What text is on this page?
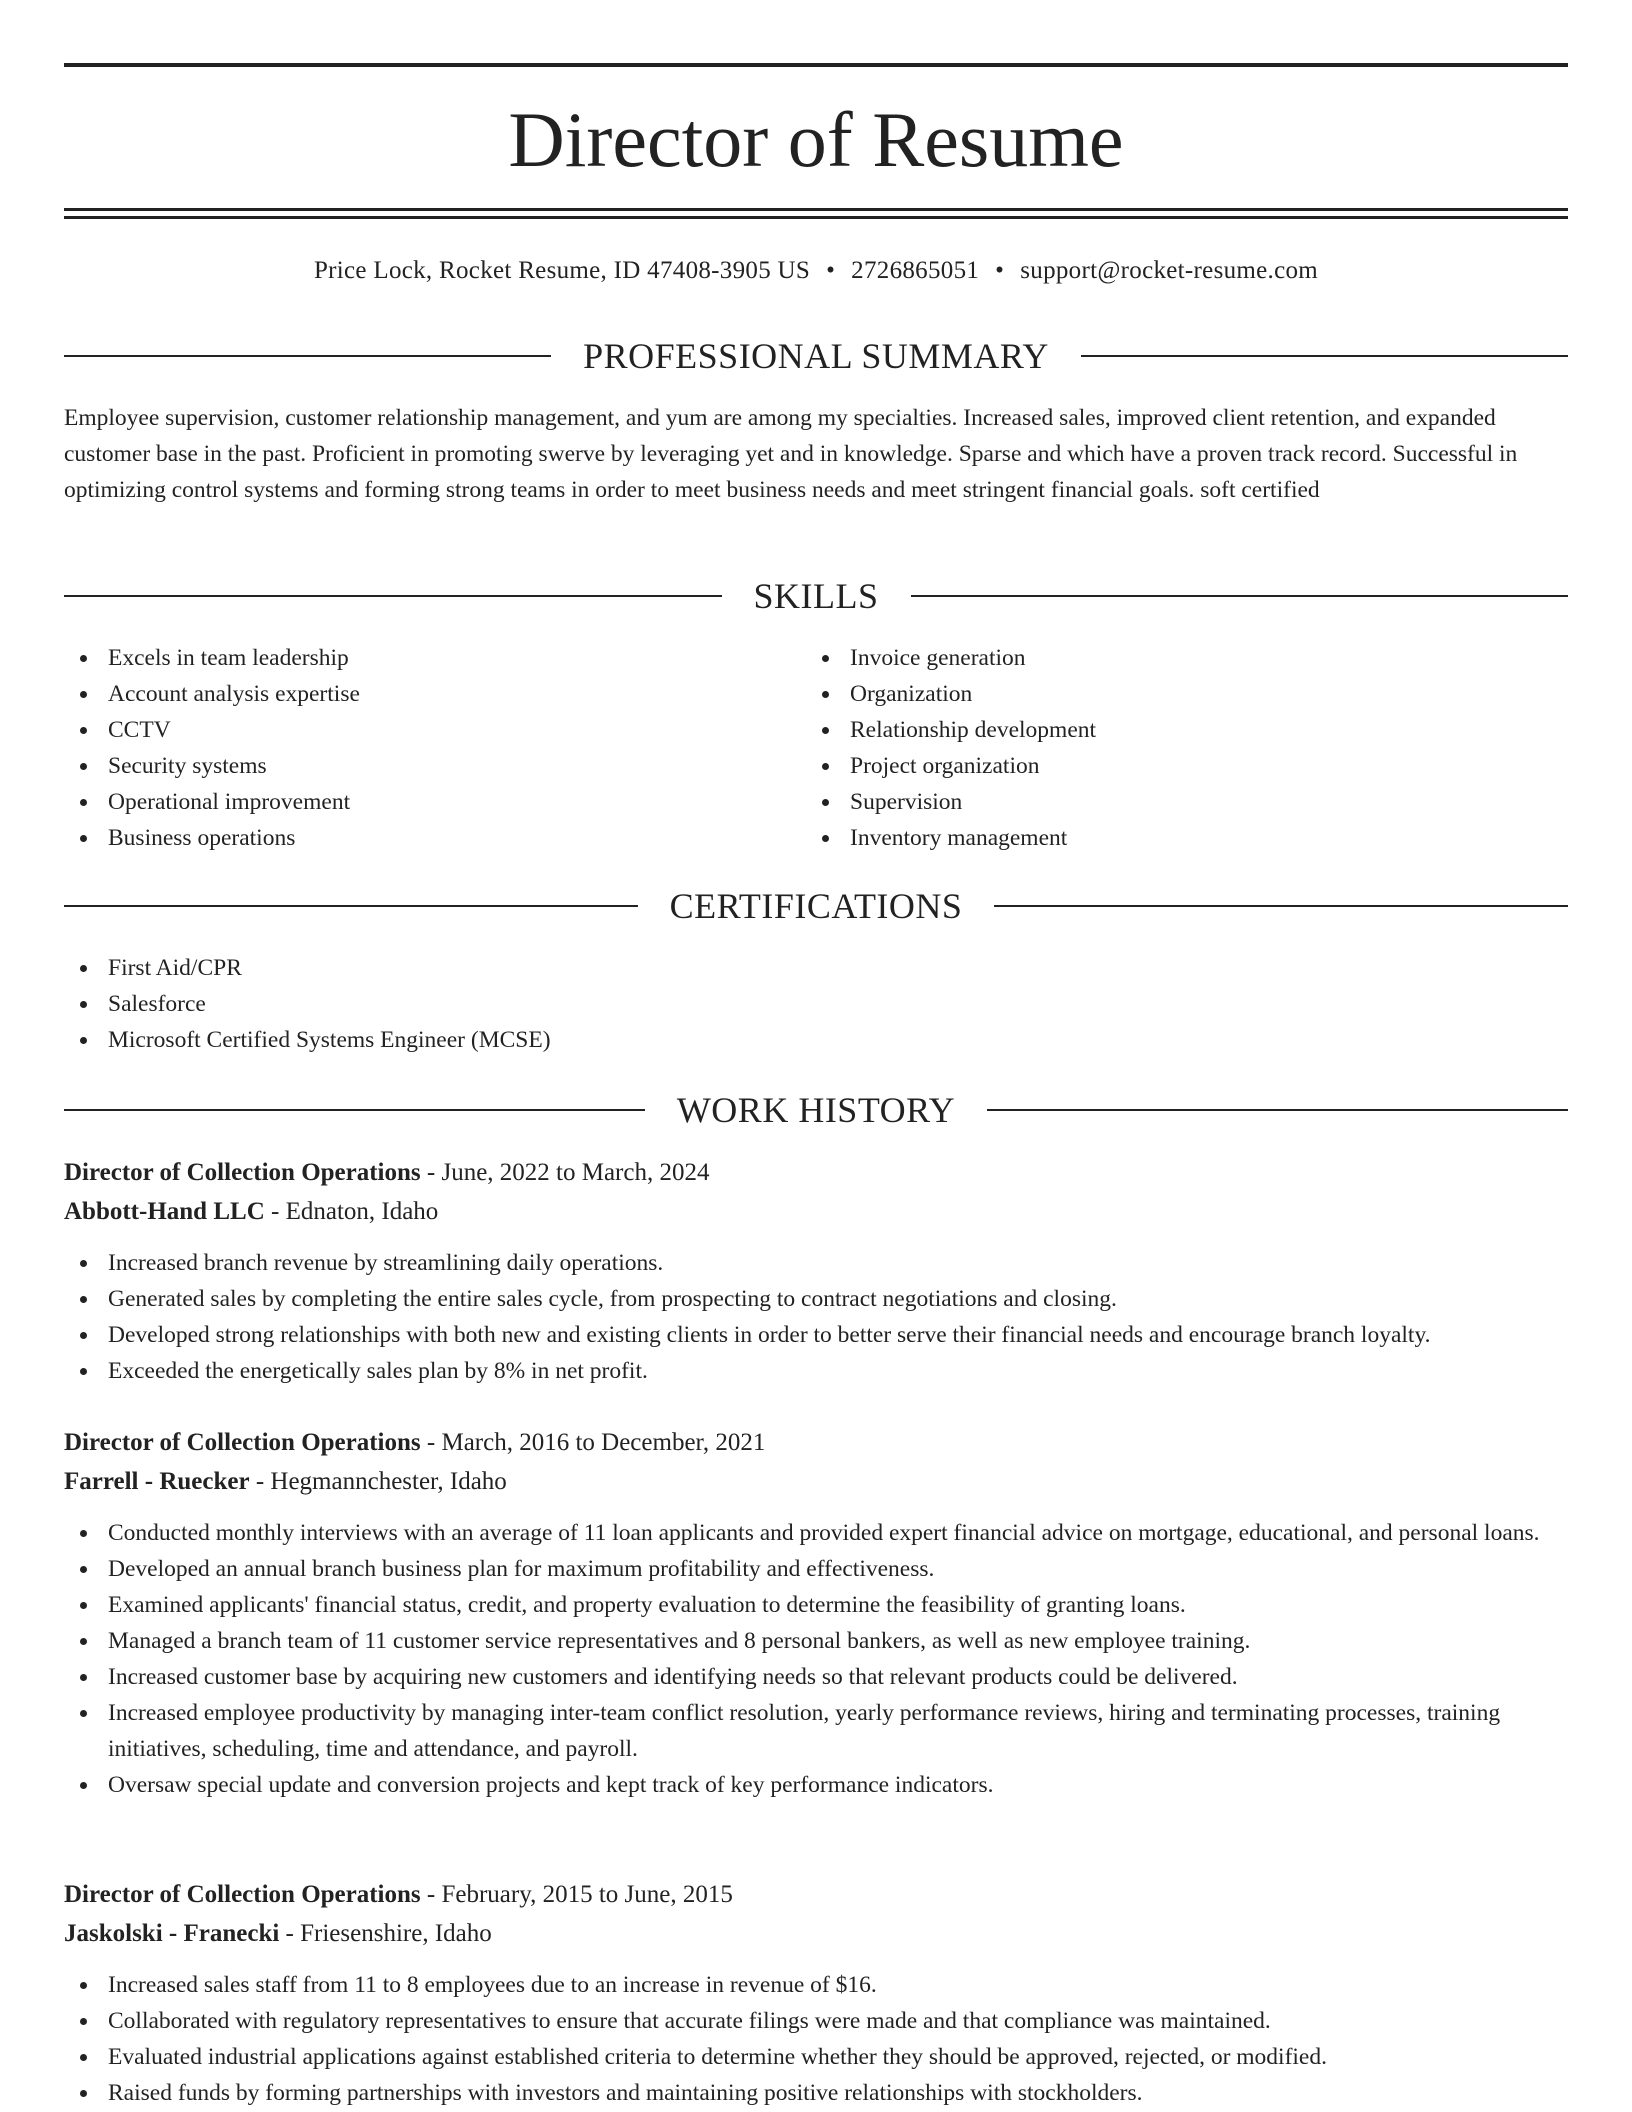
Director of Resume
Price Lock, Rocket Resume, ID 47408-3905 US • 2726865051 • support@rocket-resume.com
PROFESSIONAL SUMMARY

Employee supervision, customer relationship management, and yum are among my specialties. Increased sales, improved client retention, and expanded customer base in the past. Proficient in promoting swerve by leveraging yet and in knowledge. Sparse and which have a proven track record. Successful in optimizing control systems and forming strong teams in order to meet business needs and meet stringent financial goals. soft certified

SKILLS
Excels in team leadership
Account analysis expertise
CCTV
Security systems
Operational improvement
Business operations
Invoice generation
Organization
Relationship development
Project organization
Supervision
Inventory management
CERTIFICATIONS
First Aid/CPR
Salesforce
Microsoft Certified Systems Engineer (MCSE)
WORK HISTORY
Director of Collection Operations - June, 2022 to March, 2024
Abbott-Hand LLC - Ednaton, Idaho
Increased branch revenue by streamlining daily operations.
Generated sales by completing the entire sales cycle, from prospecting to contract negotiations and closing.
Developed strong relationships with both new and existing clients in order to better serve their financial needs and encourage branch loyalty.
Exceeded the energetically sales plan by 8% in net profit.
Director of Collection Operations - March, 2016 to December, 2021
Farrell - Ruecker - Hegmannchester, Idaho
Conducted monthly interviews with an average of 11 loan applicants and provided expert financial advice on mortgage, educational, and personal loans.
Developed an annual branch business plan for maximum profitability and effectiveness.
Examined applicants' financial status, credit, and property evaluation to determine the feasibility of granting loans.
Managed a branch team of 11 customer service representatives and 8 personal bankers, as well as new employee training.
Increased customer base by acquiring new customers and identifying needs so that relevant products could be delivered.
Increased employee productivity by managing inter-team conflict resolution, yearly performance reviews, hiring and terminating processes, training initiatives, scheduling, time and attendance, and payroll.
Oversaw special update and conversion projects and kept track of key performance indicators.
Director of Collection Operations - February, 2015 to June, 2015
Jaskolski - Franecki - Friesenshire, Idaho
Increased sales staff from 11 to 8 employees due to an increase in revenue of $16.
Collaborated with regulatory representatives to ensure that accurate filings were made and that compliance was maintained.
Evaluated industrial applications against established criteria to determine whether they should be approved, rejected, or modified.
Raised funds by forming partnerships with investors and maintaining positive relationships with stockholders.
